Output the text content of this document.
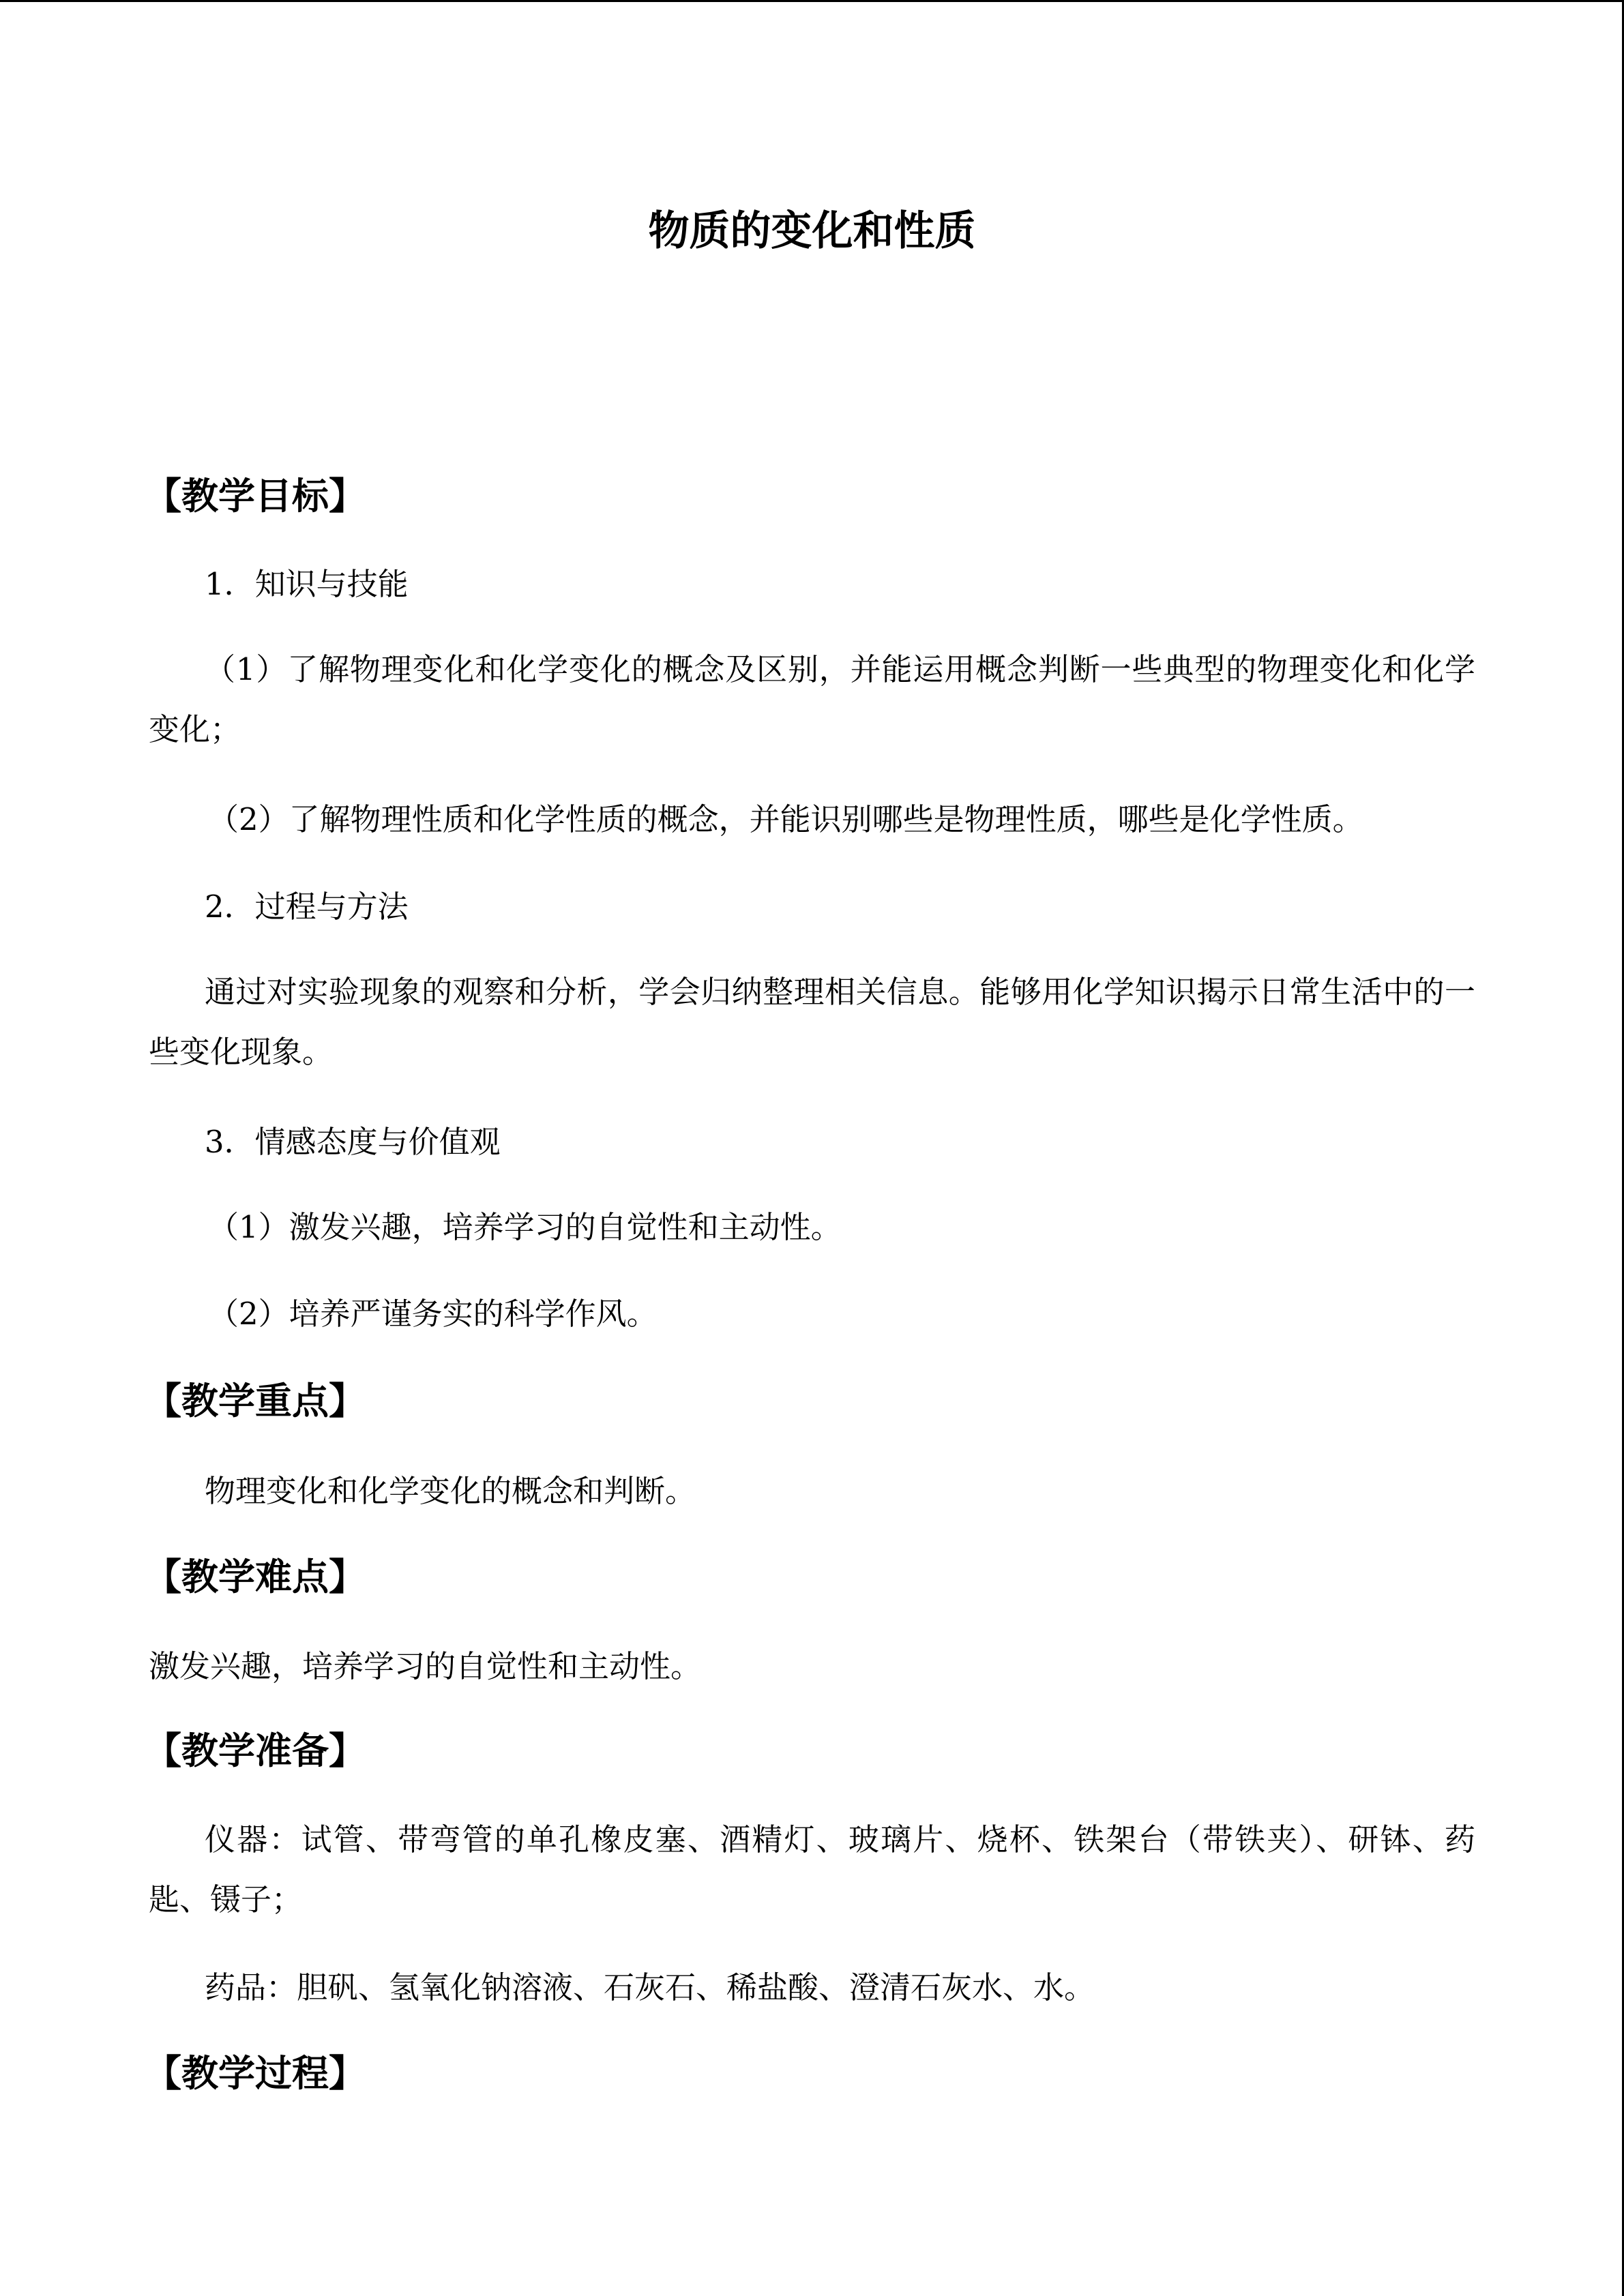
物质的变化和性质
【教学目标】

1．知识与技能

（1）了解物理变化和化学变化的概念及区别，并能运用概念判断一些典型的物理变化和化学变化；

（2）了解物理性质和化学性质的概念，并能识别哪些是物理性质，哪些是化学性质。

2．过程与方法

通过对实验现象的观察和分析，学会归纳整理相关信息。能够用化学知识揭示日常生活中的一些变化现象。

3．情感态度与价值观

（1）激发兴趣，培养学习的自觉性和主动性。

（2）培养严谨务实的科学作风。

【教学重点】

物理变化和化学变化的概念和判断。

【教学难点】

激发兴趣，培养学习的自觉性和主动性。

【教学准备】

仪器：试管、带弯管的单孔橡皮塞、酒精灯、玻璃片、烧杯、铁架台（带铁夹）、研钵、药匙、镊子；

药品：胆矾、氢氧化钠溶液、石灰石、稀盐酸、澄清石灰水、水。

【教学过程】
